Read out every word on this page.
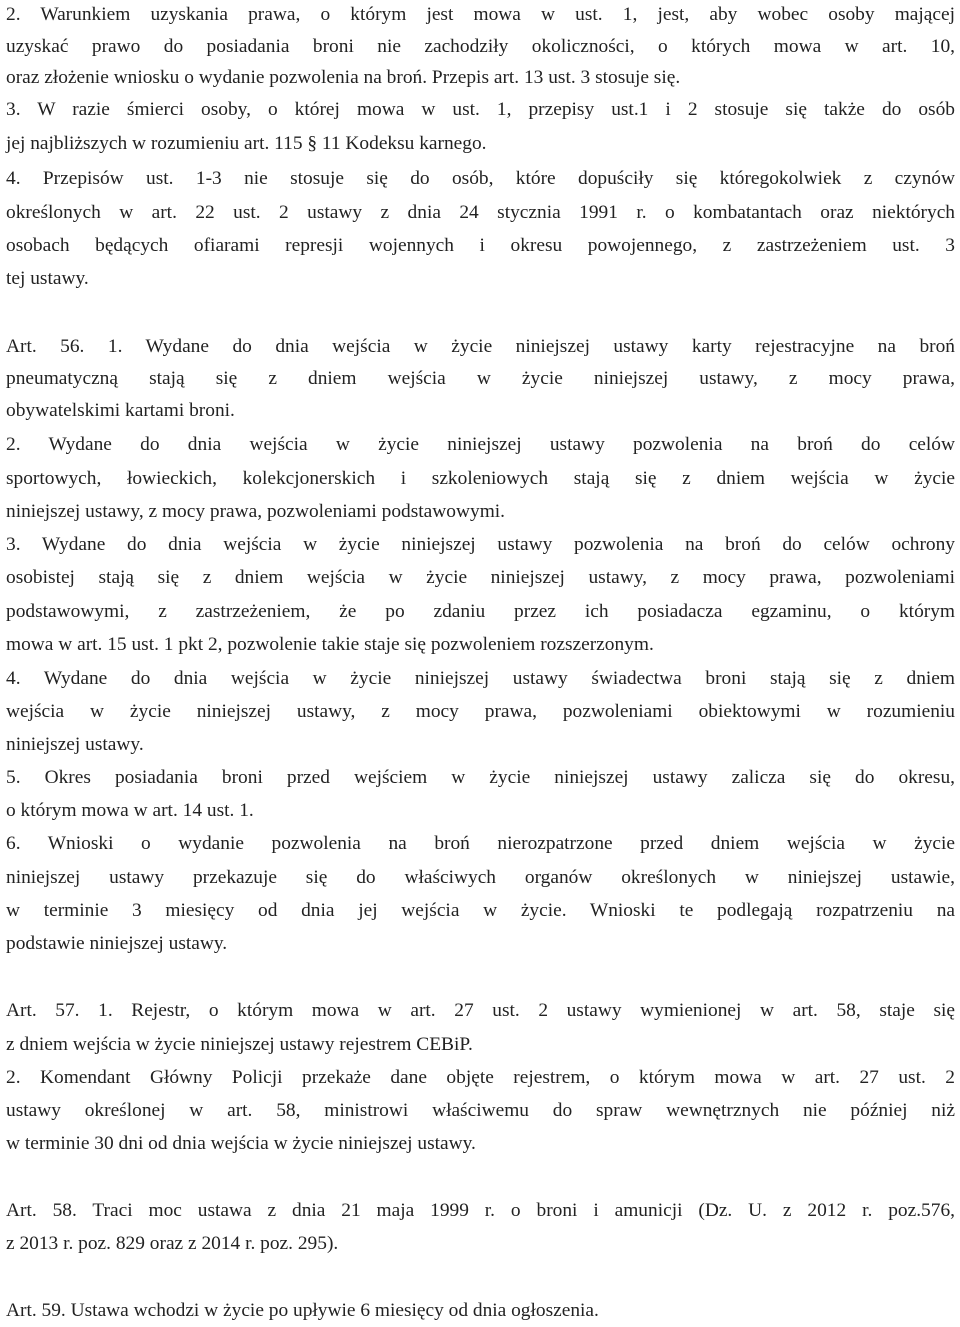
2. Warunkiem uzyskania prawa, o którym jest mowa w ust. 1, jest, aby wobec osoby mającej
uzyskać prawo do posiadania broni nie zachodziły okoliczności, o których mowa w art. 10,
oraz złożenie wniosku o wydanie pozwolenia na broń. Przepis art. 13 ust. 3 stosuje się.
3. W razie śmierci osoby, o której mowa w ust. 1, przepisy ust.1 i 2 stosuje się także do osób
jej najbliższych w rozumieniu art. 115 § 11 Kodeksu karnego.
4. Przepisów ust. 1-3 nie stosuje się do osób, które dopuściły się któregokolwiek z czynów
określonych w art. 22 ust. 2 ustawy z dnia 24 stycznia 1991 r. o kombatantach oraz niektórych
osobach będących ofiarami represji wojennych i okresu powojennego, z zastrzeżeniem ust. 3
tej ustawy.
Art. 56. 1. Wydane do dnia wejścia w życie niniejszej ustawy karty rejestracyjne na broń
pneumatyczną stają się z dniem wejścia w życie niniejszej ustawy, z mocy prawa,
obywatelskimi kartami broni.
2. Wydane do dnia wejścia w życie niniejszej ustawy pozwolenia na broń do celów
sportowych, łowieckich, kolekcjonerskich i szkoleniowych stają się z dniem wejścia w życie
niniejszej ustawy, z mocy prawa, pozwoleniami podstawowymi.
3. Wydane do dnia wejścia w życie niniejszej ustawy pozwolenia na broń do celów ochrony
osobistej stają się z dniem wejścia w życie niniejszej ustawy, z mocy prawa, pozwoleniami
podstawowymi, z zastrzeżeniem, że po zdaniu przez ich posiadacza egzaminu, o którym
mowa w art. 15 ust. 1 pkt 2, pozwolenie takie staje się pozwoleniem rozszerzonym.
4. Wydane do dnia wejścia w życie niniejszej ustawy świadectwa broni stają się z dniem
wejścia w życie niniejszej ustawy, z mocy prawa, pozwoleniami obiektowymi w rozumieniu
niniejszej ustawy.
5. Okres posiadania broni przed wejściem w życie niniejszej ustawy zalicza się do okresu,
o którym mowa w art. 14 ust. 1.
6. Wnioski o wydanie pozwolenia na broń nierozpatrzone przed dniem wejścia w życie
niniejszej ustawy przekazuje się do właściwych organów określonych w niniejszej ustawie,
w terminie 3 miesięcy od dnia jej wejścia w życie. Wnioski te podlegają rozpatrzeniu na
podstawie niniejszej ustawy.
Art. 57. 1. Rejestr, o którym mowa w art. 27 ust. 2 ustawy wymienionej w art. 58, staje się
z dniem wejścia w życie niniejszej ustawy rejestrem CEBiP.
2. Komendant Główny Policji przekaże dane objęte rejestrem, o którym mowa w art. 27 ust. 2
ustawy określonej w art. 58, ministrowi właściwemu do spraw wewnętrznych nie później niż
w terminie 30 dni od dnia wejścia w życie niniejszej ustawy.
Art. 58. Traci moc ustawa z dnia 21 maja 1999 r. o broni i amunicji (Dz. U. z 2012 r. poz.576,
z 2013 r. poz. 829 oraz z 2014 r. poz. 295).
Art. 59. Ustawa wchodzi w życie po upływie 6 miesięcy od dnia ogłoszenia.
